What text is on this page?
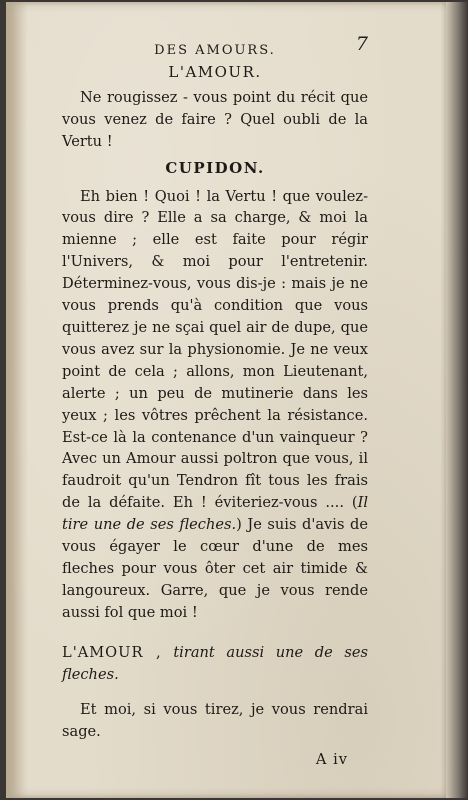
DES AMOURS.	7
L'AMOUR.

Ne rougissez - vous point du récit que vous venez de faire ? Quel oubli de la Vertu !

CUPIDON.

Eh bien ! Quoi ! la Vertu ! que voulez-vous dire ? Elle a sa charge, & moi la mienne ; elle est faite pour régir l'Univers, & moi pour l'entretenir. Déterminez-vous, vous dis-je : mais je ne vous prends qu'à condition que vous quitterez je ne sçai quel air de dupe, que vous avez sur la physionomie. Je ne veux point de cela ; allons, mon Lieutenant, alerte ; un peu de mutinerie dans les yeux ; les vôtres prêchent la résistance. Est-ce là la contenance d'un vainqueur ? Avec un Amour aussi poltron que vous, il faudroit qu'un Tendron fît tous les frais de la défaite. Eh ! éviteriez-vous .... (Il tire une de ses fleches.) Je suis d'avis de vous égayer le cœur d'une de mes fleches pour vous ôter cet air timide & langoureux. Garre, que je vous rende aussi fol que moi !

L'AMOUR , tirant aussi une de ses fleches.

Et moi, si vous tirez, je vous rendrai sage.

A iv
